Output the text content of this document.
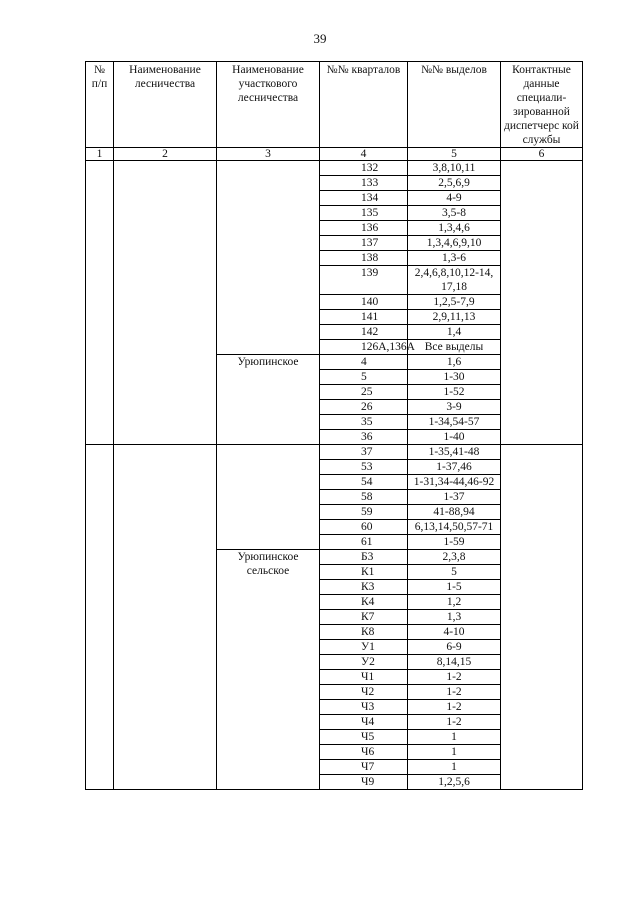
39
№ п/п	Наименование лесничества	Наименование участкового лесничества	№№ кварталов	№№ выделов	Контактные данные специали-зированной диспетчерс кой службы
1	2	3	4	5	6
			132	3,8,10,11	
			133	2,5,6,9	
			134	4-9	
			135	3,5-8	
			136	1,3,4,6	
			137	1,3,4,6,9,10	
			138	1,3-6	
			139	2,4,6,8,10,12-14, 17,18	
			140	1,2,5-7,9	
			141	2,9,11,13	
			142	1,4	
			126А,136А	Все выделы	
		Урюпинское	4	1,6	
			5	1-30	
			25	1-52	
			26	3-9	
			35	1-34,54-57	
			36	1-40	
			37	1-35,41-48	
			53	1-37,46	
			54	1-31,34-44,46-92	
			58	1-37	
			59	41-88,94	
			60	6,13,14,50,57-71	
			61	1-59	
		Урюпинское сельское	Б3	2,3,8	
			К1	5	
			К3	1-5	
			К4	1,2	
			К7	1,3	
			К8	4-10	
			У1	6-9	
			У2	8,14,15	
			Ч1	1-2	
			Ч2	1-2	
			Ч3	1-2	
			Ч4	1-2	
			Ч5	1	
			Ч6	1	
			Ч7	1	
			Ч9	1,2,5,6	
